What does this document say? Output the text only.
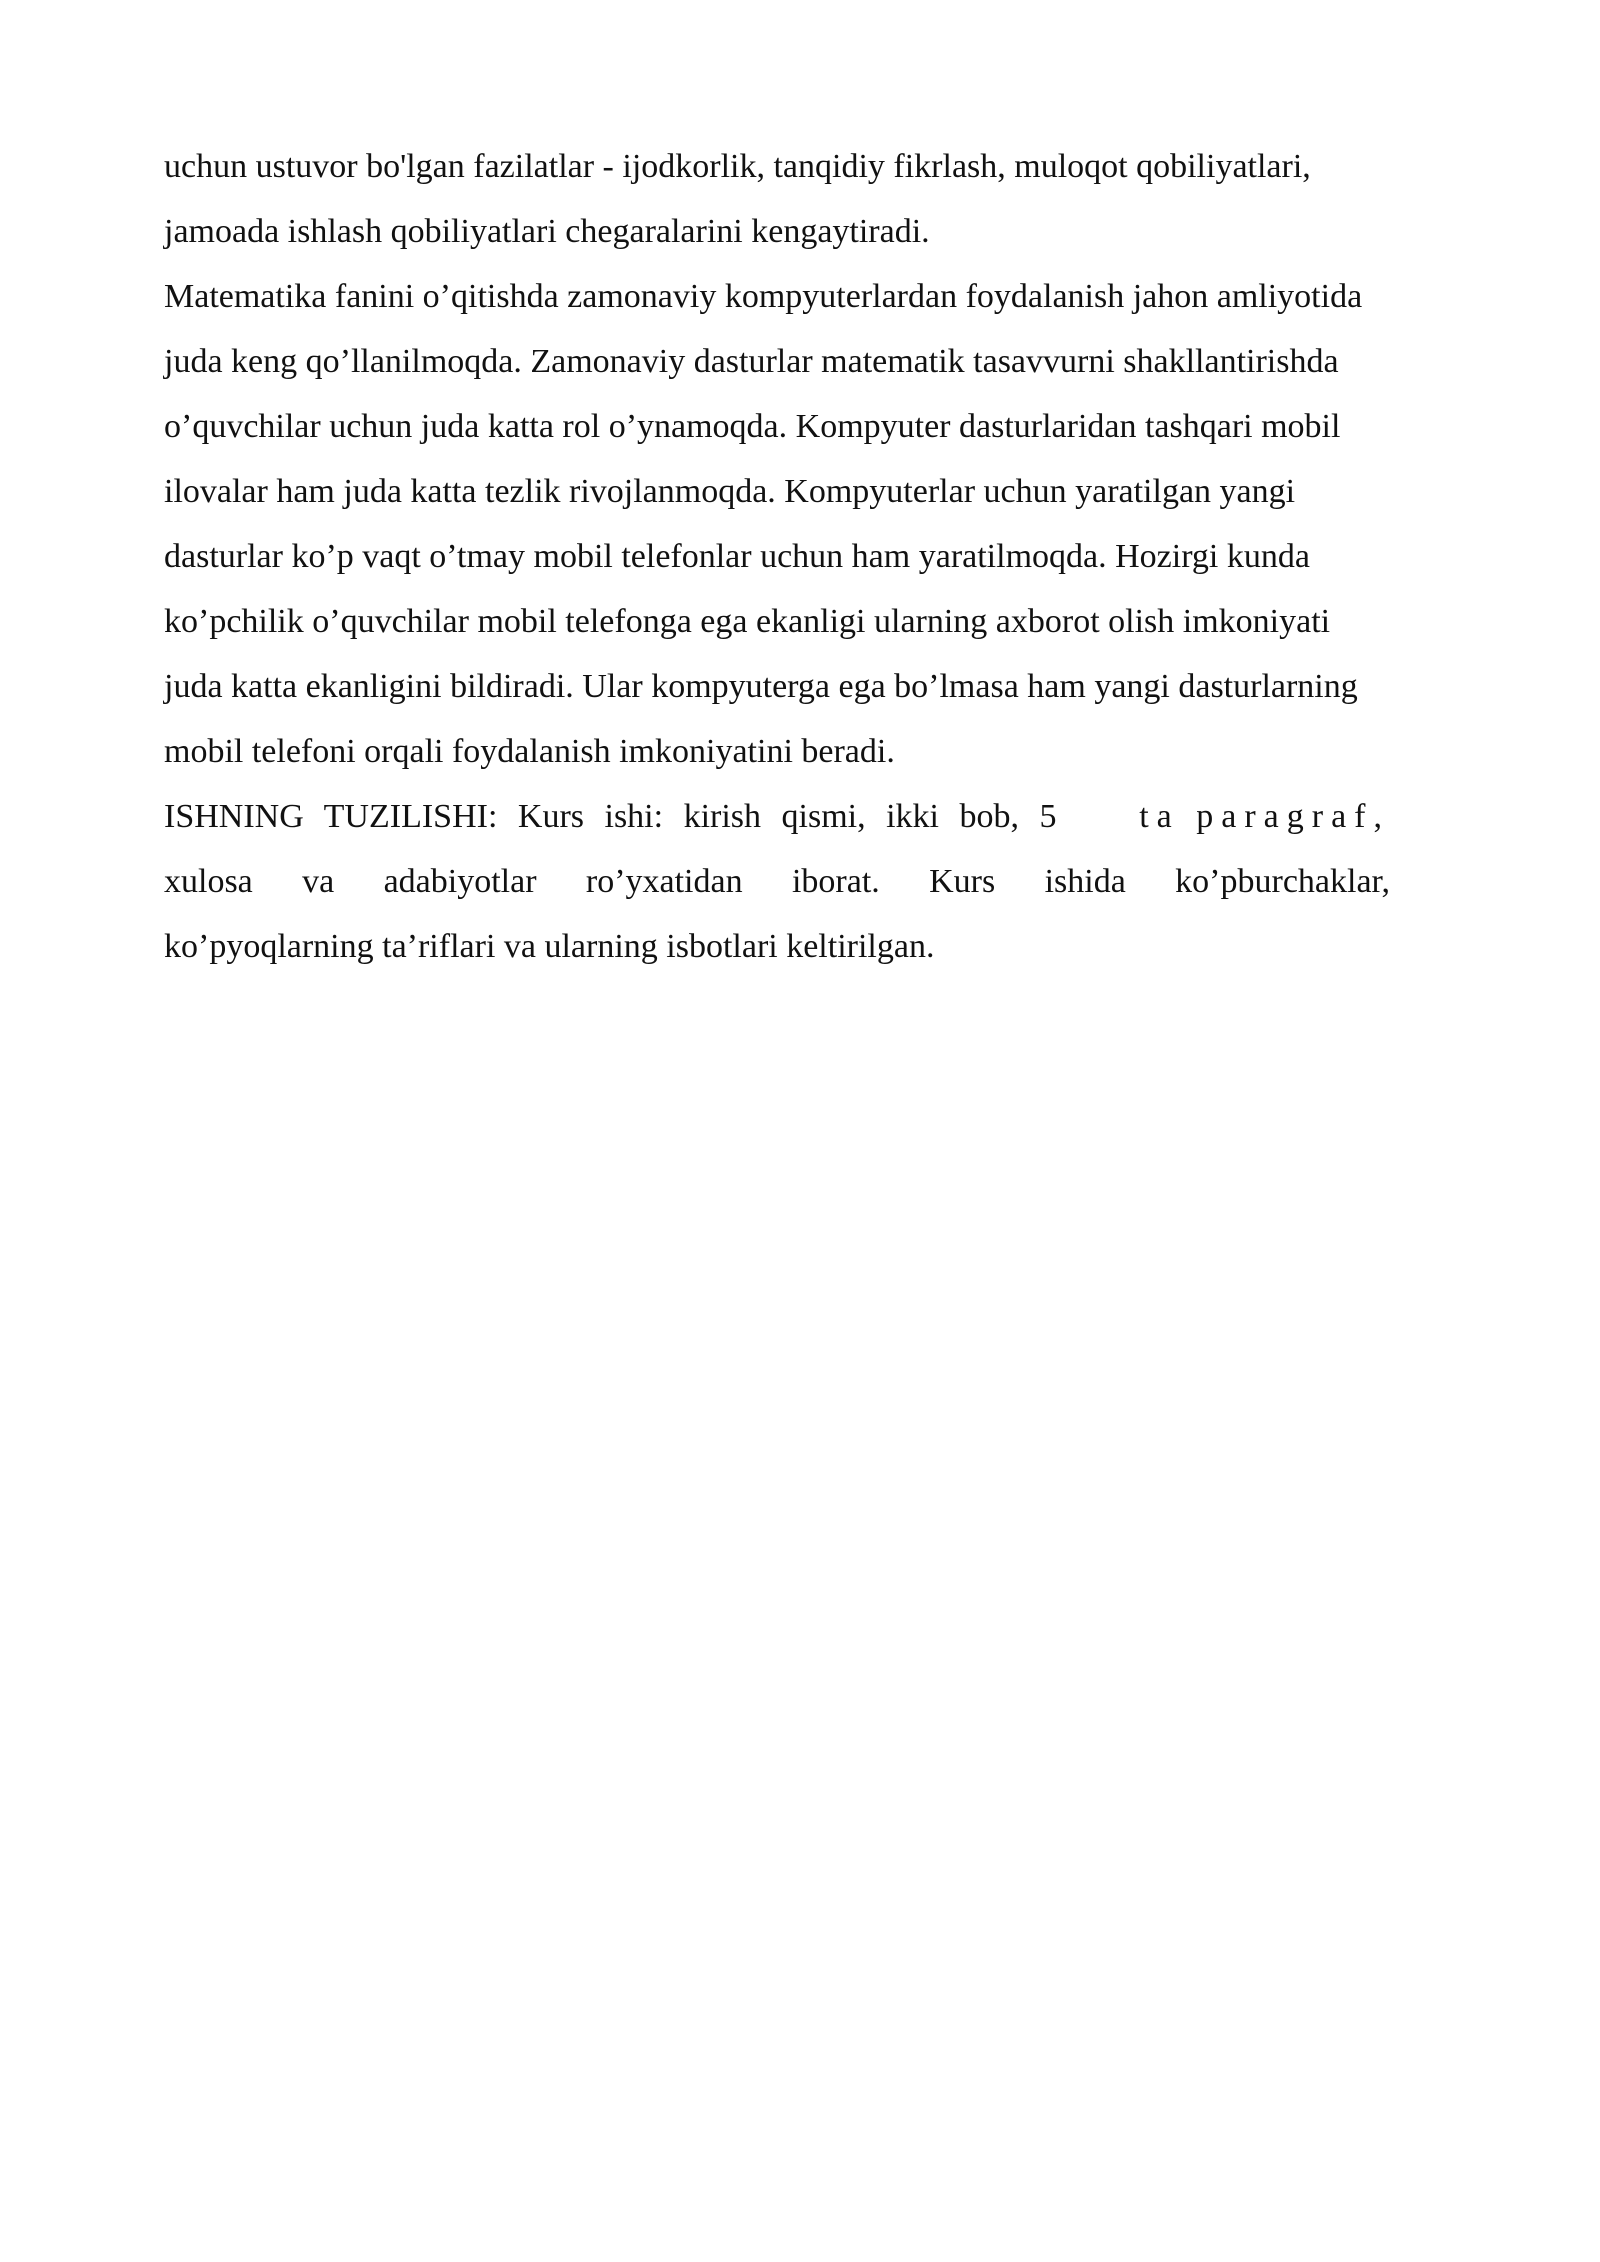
uchun ustuvor bo'lgan fazilatlar - ijodkorlik, tanqidiy fikrlash, muloqot qobiliyatlari,
jamoada ishlash qobiliyatlari chegaralarini kengaytiradi.
Matematika fanini o’qitishda zamonaviy kompyuterlardan foydalanish jahon amliyotida
juda keng qo’llanilmoqda. Zamonaviy dasturlar matematik tasavvurni shakllantirishda
o’quvchilar uchun juda katta rol o’ynamoqda. Kompyuter dasturlaridan tashqari mobil
ilovalar ham juda katta tezlik rivojlanmoqda. Kompyuterlar uchun yaratilgan yangi
dasturlar ko’p vaqt o’tmay mobil telefonlar uchun ham yaratilmoqda. Hozirgi kunda
ko’pchilik o’quvchilar mobil telefonga ega ekanligi ularning axborot olish imkoniyati
juda katta ekanligini bildiradi. Ular kompyuterga ega bo’lmasa ham yangi dasturlarning
mobil telefoni orqali foydalanish imkoniyatini beradi.
ISHNING TUZILISHI: Kurs ishi: kirish qismi, ikki bob, 5 ta paragraf,
xulosa va adabiyotlar ro’yxatidan iborat. Kurs ishida ko’pburchaklar,
ko’pyoqlarning ta’riflari va ularning isbotlari keltirilgan.
